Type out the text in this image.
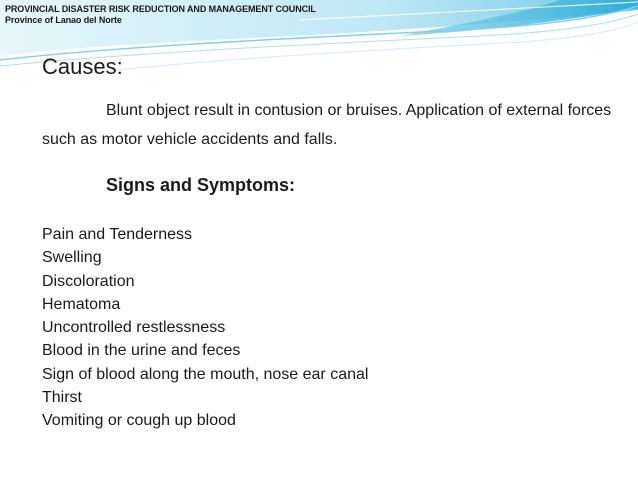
PROVINCIAL DISASTER RISK REDUCTION AND MANAGEMENT COUNCIL
Province of Lanao del Norte
Causes:
Blunt object result in contusion or bruises. Application of external forces such as motor vehicle accidents and falls.
Signs and Symptoms:
Pain and Tenderness
Swelling
Discoloration
Hematoma
Uncontrolled restlessness
Blood in the urine and feces
Sign of blood along the mouth, nose ear canal
Thirst
Vomiting or cough up blood
